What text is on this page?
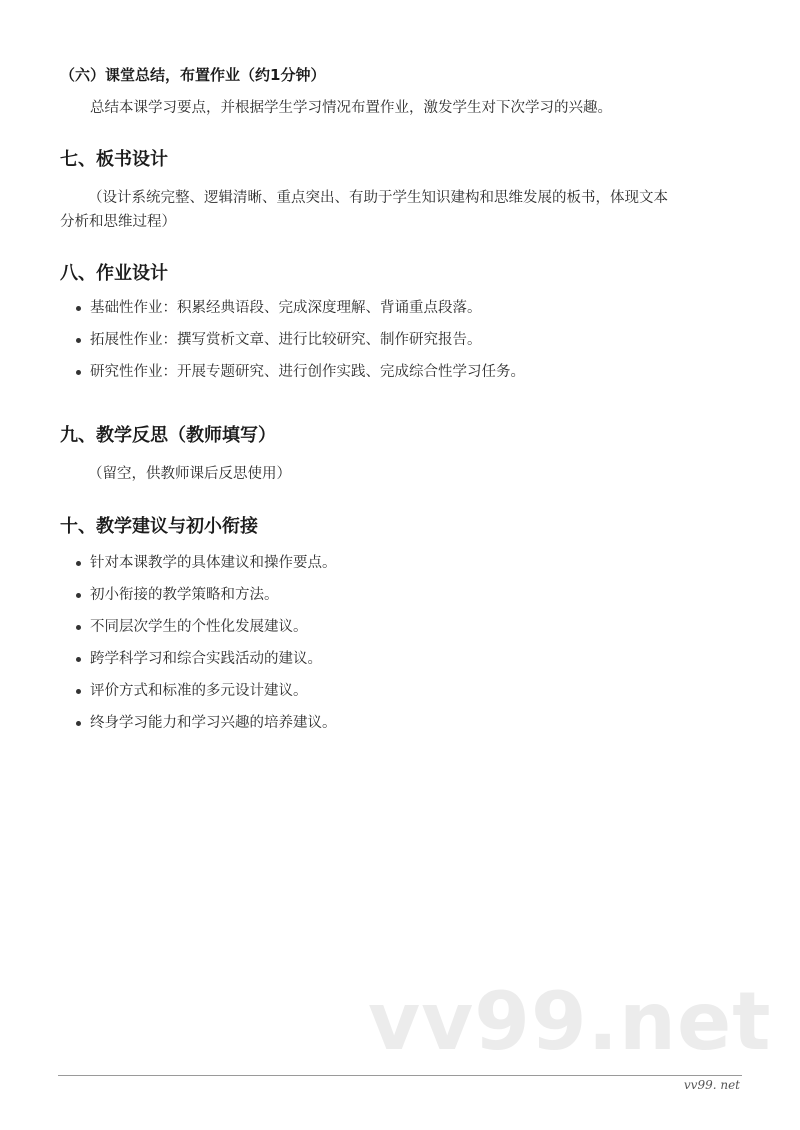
（六）课堂总结，布置作业（约1分钟）
总结本课学习要点，并根据学生学习情况布置作业，激发学生对下次学习的兴趣。
七、板书设计
（设计系统完整、逻辑清晰、重点突出、有助于学生知识建构和思维发展的板书，体现文本
分析和思维过程）
八、作业设计
基础性作业：积累经典语段、完成深度理解、背诵重点段落。
拓展性作业：撰写赏析文章、进行比较研究、制作研究报告。
研究性作业：开展专题研究、进行创作实践、完成综合性学习任务。
九、教学反思（教师填写）
（留空，供教师课后反思使用）
十、教学建议与初小衔接
针对本课教学的具体建议和操作要点。
初小衔接的教学策略和方法。
不同层次学生的个性化发展建议。
跨学科学习和综合实践活动的建议。
评价方式和标准的多元设计建议。
终身学习能力和学习兴趣的培养建议。
vv99.net
vv99. net
